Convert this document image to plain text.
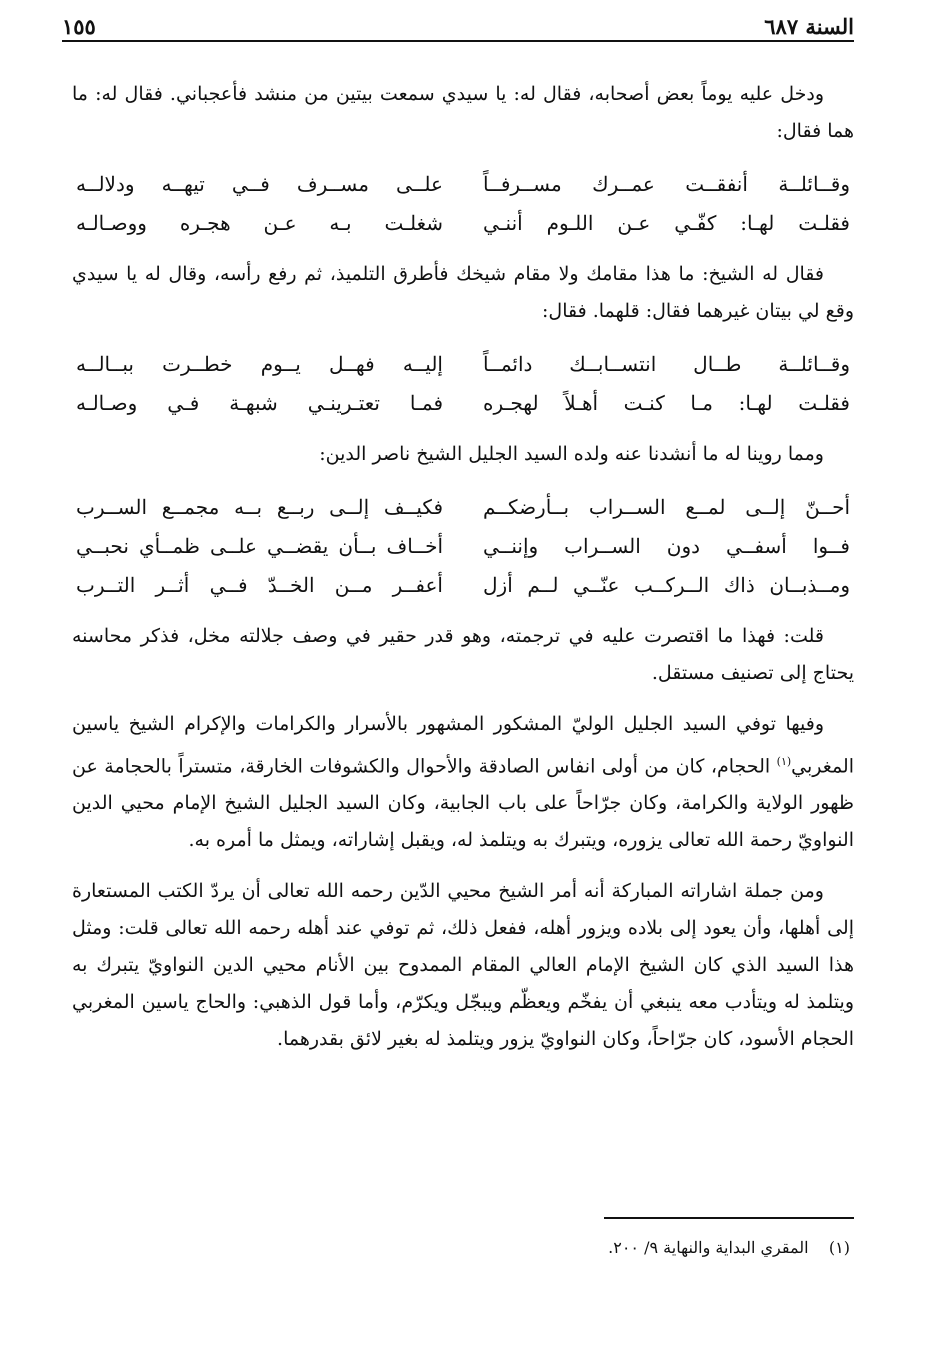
السنة ٦٨٧
١٥٥

ودخل عليه يوماً بعض أصحابه، فقال له: يا سيدي سمعت بيتين من منشد فأعجباني. فقال له: ما هما فقال:

وقــائلــة أنفقــت عمــرك مســرفــاً
علــى مســرف فــي تيهــه ودلالــه
فقلـت لهـا: كفّـي عـن اللـوم أننـي
شغلـت بـه عـن هجـره ووصـالـه

فقال له الشيخ: ما هذا مقامك ولا مقام شيخك فأطرق التلميذ، ثم رفع رأسه، وقال له يا سيدي وقع لي بيتان غيرهما فقال: قلهما. فقال:

وقــائلــة طــال انتســابــك دائمــاً
إليــه فهــل يــوم خطــرت ببــالــه
فقلـت لهـا: مـا كنـت أهـلاً لهجـره
فمـا تعتـرينـي شبهـة فـي وصـالـه

ومما روينا له ما أنشدنا عنه ولده السيد الجليل الشيخ ناصر الدين:

أحــنّ إلــى لمــع الســراب بــأرضكــم
فكيــف إلــى ربــع بــه مجمــع الســرب
فــوا أسفــي دون الســراب وإننــي
أخــاف بــأن يقضــي علــى ظمــأي نحبــي
ومــذبــان ذاك الــركــب عنّــي لــم أزل
أعفــر مــن الخــدّ فــي أثــر التــرب

قلت: فهذا ما اقتصرت عليه في ترجمته، وهو قدر حقير في وصف جلالته مخل، فذكر محاسنه يحتاج إلى تصنيف مستقل.

وفيها توفي السيد الجليل الوليّ المشكور المشهور بالأسرار والكرامات والإكرام الشيخ ياسين المغربي$^{(١)}$ الحجام، كان من أولى انفاس الصادقة والأحوال والكشوفات الخارقة، متستراً بالحجامة عن ظهور الولاية والكرامة، وكان جرّاحاً على باب الجابية، وكان السيد الجليل الشيخ الإمام محيي الدين النواويّ رحمة الله تعالى يزوره، ويتبرك به ويتلمذ له، ويقبل إشاراته، ويمثل ما أمره به.

ومن جملة اشاراته المباركة أنه أمر الشيخ محيي الدّين رحمه الله تعالى أن يردّ الكتب المستعارة إلى أهلها، وأن يعود إلى بلاده ويزور أهله، ففعل ذلك، ثم توفي عند أهله رحمه الله تعالى قلت: ومثل هذا السيد الذي كان الشيخ الإمام العالي المقام الممدوح بين الأنام محيي الدين النواويّ يتبرك به ويتلمذ له ويتأدب معه ينبغي أن يفخّم ويعظّم ويبجّل ويكرّم، وأما قول الذهبي: والحاج ياسين المغربي الحجام الأسود، كان جرّاحاً، وكان النواويّ يزور ويتلمذ له بغير لائق بقدرهما.

(١)    المقري البداية والنهاية ٩/ ٢٠٠.
